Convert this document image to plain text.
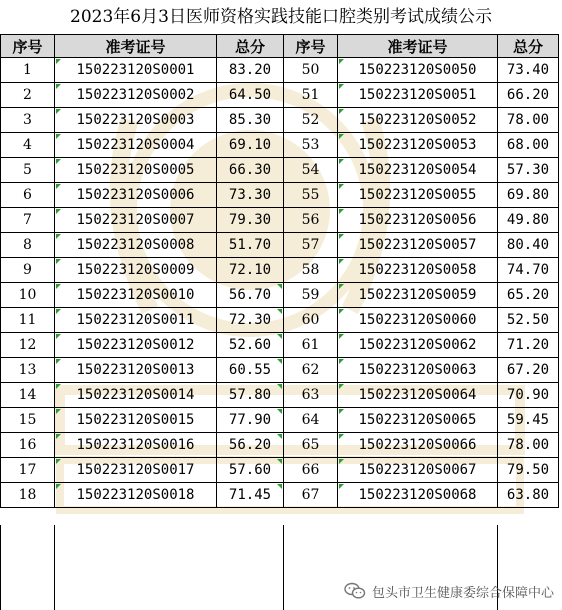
2023年6月3日医师资格实践技能口腔类别考试成绩公示
序号	准考证号	总分	序号	准考证号	总分
1	150223120S0001	83.20	50	150223120S0050	73.40
2	150223120S0002	64.50	51	150223120S0051	66.20
3	150223120S0003	85.30	52	150223120S0052	78.00
4	150223120S0004	69.10	53	150223120S0053	68.00
5	150223120S0005	66.30	54	150223120S0054	57.30
6	150223120S0006	73.30	55	150223120S0055	69.80
7	150223120S0007	79.30	56	150223120S0056	49.80
8	150223120S0008	51.70	57	150223120S0057	80.40
9	150223120S0009	72.10	58	150223120S0058	74.70
10	150223120S0010	56.70	59	150223120S0059	65.20
11	150223120S0011	72.30	60	150223120S0060	52.50
12	150223120S0012	52.60	61	150223120S0062	71.20
13	150223120S0013	60.55	62	150223120S0063	67.20
14	150223120S0014	57.80	63	150223120S0064	70.90
15	150223120S0015	77.90	64	150223120S0065	59.45
16	150223120S0016	56.20	65	150223120S0066	78.00
17	150223120S0017	57.60	66	150223120S0067	79.50
18	150223120S0018	71.45	67	150223120S0068	63.80
包头市卫生健康委综合保障中心
